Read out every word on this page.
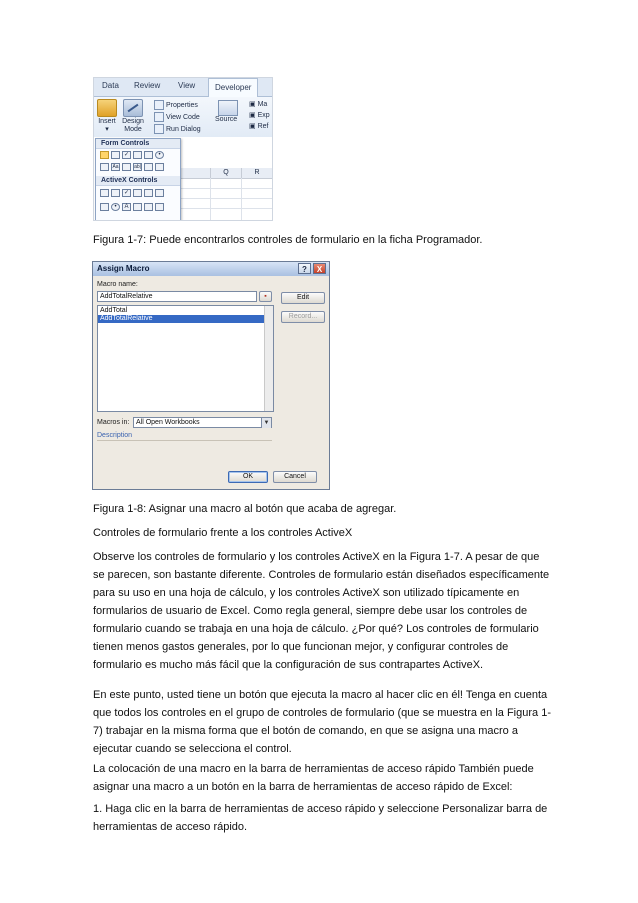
Data Review View	Developer
Insert
▾
Design
Mode
Properties
View Code
Run Dialog
Source
▣ Ma
▣ Exp
▣ Ref
Q	R
Form Controls
✓	•
Aa	ab|
ActiveX Controls
✓
• A
Figura 1-7: Puede encontrarlos controles de formulario en la ficha Programador.
Assign Macro	?	X
Macro name:
AddTotalRelative	▪
AddTotal
AddTotalRelative
Edit
Record...
Macros in: All Open Workbooks	▼
Description
OK	Cancel
Figura 1-8: Asignar una macro al botón que acaba de agregar.
Controles de formulario frente a los controles ActiveX

Observe los controles de formulario y los controles ActiveX en la Figura 1-7. A pesar de que se parecen, son bastante diferente. Controles de formulario están diseñados específicamente para su uso en una hoja de cálculo, y los controles ActiveX son utilizado típicamente en formularios de usuario de Excel. Como regla general, siempre debe usar los controles de formulario cuando se trabaja en una hoja de cálculo. ¿Por qué? Los controles de formulario tienen menos gastos generales, por lo que funcionan mejor, y configurar controles de formulario es mucho más fácil que la configuración de sus contrapartes ActiveX.

En este punto, usted tiene un botón que ejecuta la macro al hacer clic en él! Tenga en cuenta que todos los controles en el grupo de controles de formulario (que se muestra en la Figura 1-7) trabajar en la misma forma que el botón de comando, en que se asigna una macro a ejecutar cuando se selecciona el control.

La colocación de una macro en la barra de herramientas de acceso rápido También puede asignar una macro a un botón en la barra de herramientas de acceso rápido de Excel:

1. Haga clic en la barra de herramientas de acceso rápido y seleccione Personalizar barra de herramientas de acceso rápido.
